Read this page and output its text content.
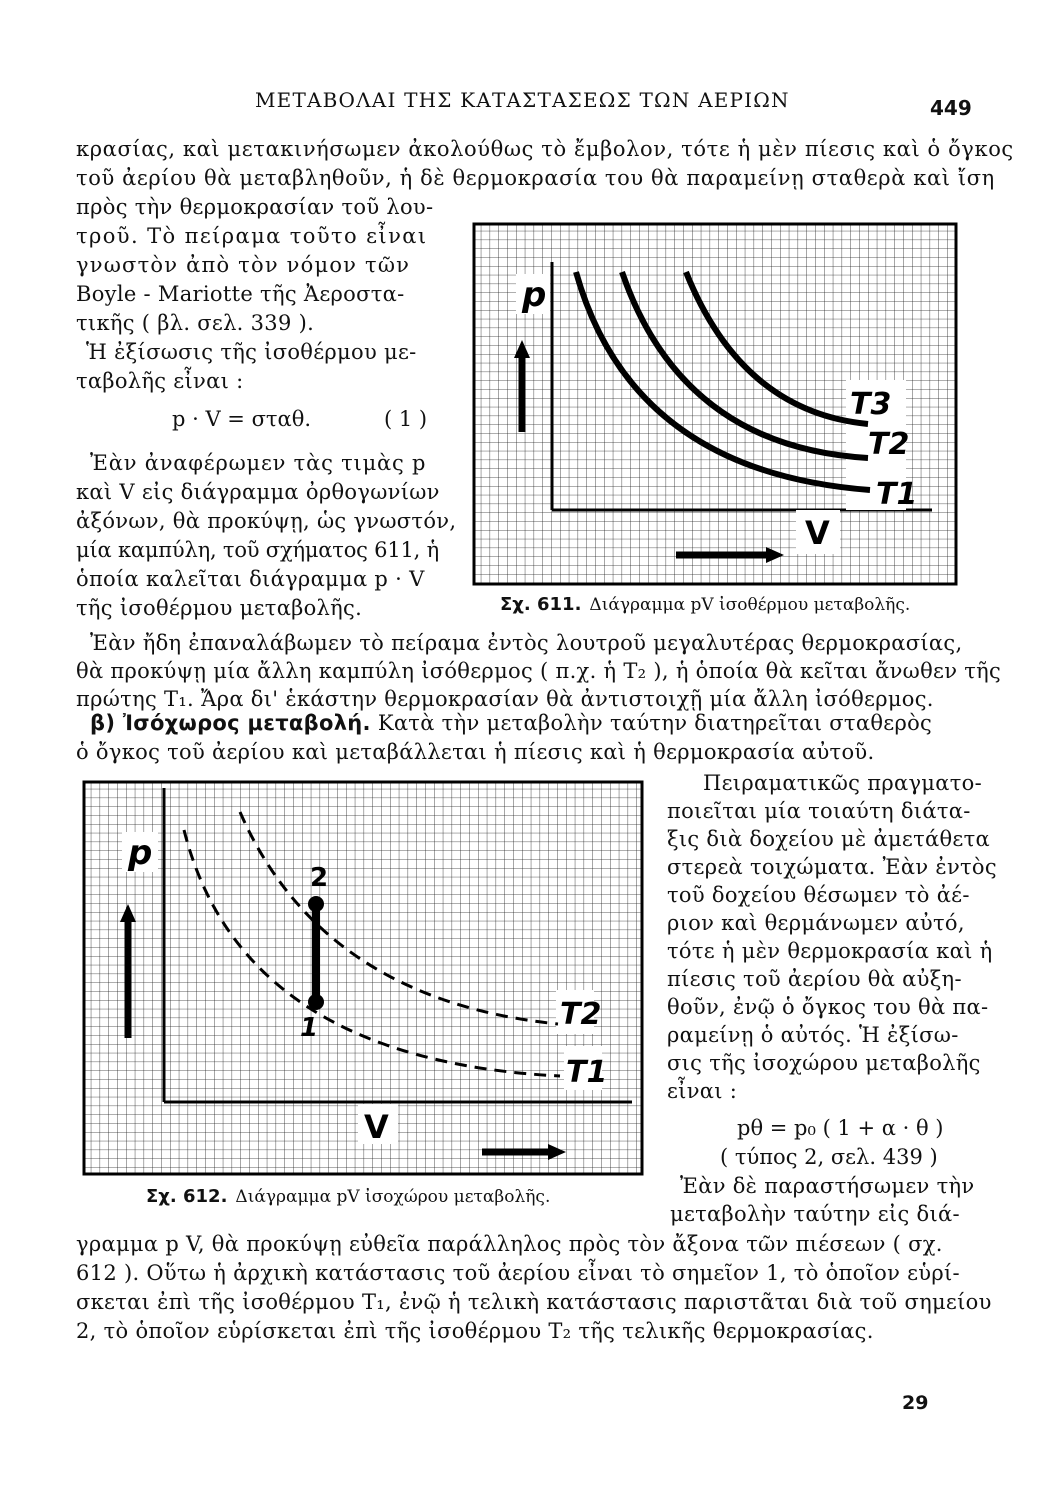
ΜΕΤΑΒΟΛΑΙ ΤΗΣ ΚΑΤΑΣΤΑΣΕΩΣ ΤΩΝ ΑΕΡΙΩΝ	449
κρασίας, καὶ μετακινήσωμεν ἀκολούθως τὸ ἔμβολον, τότε ἡ μὲν πίεσις καὶ ὁ ὄγκος
τοῦ ἀερίου θὰ μεταβληθοῦν, ἡ δὲ θερμοκρασία του θὰ παραμείνῃ σταθερὰ καὶ ἴση
πρὸς τὴν θερμοκρασίαν τοῦ λου-
τροῦ. Τὸ πείραμα τοῦτο εἶναι
γνωστὸν ἀπὸ τὸν νόμον τῶν
Boyle - Mariotte τῆς Ἀεροστα-
τικῆς ( βλ. σελ. 339 ).
Ἡ ἐξίσωσις τῆς ἰσοθέρμου με-
ταβολῆς εἶναι :
p · V = σταθ.	( 1 )
Ἐὰν ἀναφέρωμεν τὰς τιμὰς p
καὶ V εἰς διάγραμμα ὀρθογωνίων
ἀξόνων, θὰ προκύψῃ, ὡς γνωστόν,
μία καμπύλη, τοῦ σχήματος 611, ἡ
ὁποία καλεῖται διάγραμμα p · V
τῆς ἰσοθέρμου μεταβολῆς.
p
V
T3
T2
T1
Σχ. 611. Διάγραμμα pV ἰσοθέρμου μεταβολῆς.
Ἐὰν ἤδη ἐπαναλάβωμεν τὸ πείραμα ἐντὸς λουτροῦ μεγαλυτέρας θερμοκρασίας,
θὰ προκύψῃ μία ἄλλη καμπύλη ἰσόθερμος ( π.χ. ἡ T₂ ), ἡ ὁποία θὰ κεῖται ἄνωθεν τῆς
πρώτης T₁. Ἄρα δι' ἑκάστην θερμοκρασίαν θὰ ἀντιστοιχῇ μία ἄλλη ἰσόθερμος.
β) Ἰσόχωρος μεταβολή. Κατὰ τὴν μεταβολὴν ταύτην διατηρεῖται σταθερὸς
ὁ ὄγκος τοῦ ἀερίου καὶ μεταβάλλεται ἡ πίεσις καὶ ἡ θερμοκρασία αὐτοῦ.
p
V
2
1	T2
T1
Σχ. 612. Διάγραμμα pV ἰσοχώρου μεταβολῆς.
Πειραματικῶς πραγματο-
ποιεῖται μία τοιαύτη διάτα-
ξις διὰ δοχείου μὲ ἀμετάθετα
στερεὰ τοιχώματα. Ἐὰν ἐντὸς
τοῦ δοχείου θέσωμεν τὸ ἀέ-
ριον καὶ θερμάνωμεν αὐτό,
τότε ἡ μὲν θερμοκρασία καὶ ἡ
πίεσις τοῦ ἀερίου θὰ αὐξη-
θοῦν, ἐνῷ ὁ ὄγκος του θὰ πα-
ραμείνῃ ὁ αὐτός. Ἡ ἐξίσω-
σις τῆς ἰσοχώρου μεταβολῆς
εἶναι :
pθ = p₀ ( 1 + α · θ )
( τύπος 2, σελ. 439 )
Ἐὰν δὲ παραστήσωμεν τὴν
μεταβολὴν ταύτην εἰς διά-
γραμμα p V, θὰ προκύψῃ εὐθεῖα παράλληλος πρὸς τὸν ἄξονα τῶν πιέσεων ( σχ.
612 ). Οὕτω ἡ ἀρχικὴ κατάστασις τοῦ ἀερίου εἶναι τὸ σημεῖον 1, τὸ ὁποῖον εὑρί-
σκεται ἐπὶ τῆς ἰσοθέρμου T₁, ἐνῷ ἡ τελικὴ κατάστασις παριστᾶται διὰ τοῦ σημείου
2, τὸ ὁποῖον εὑρίσκεται ἐπὶ τῆς ἰσοθέρμου T₂ τῆς τελικῆς θερμοκρασίας.
29
